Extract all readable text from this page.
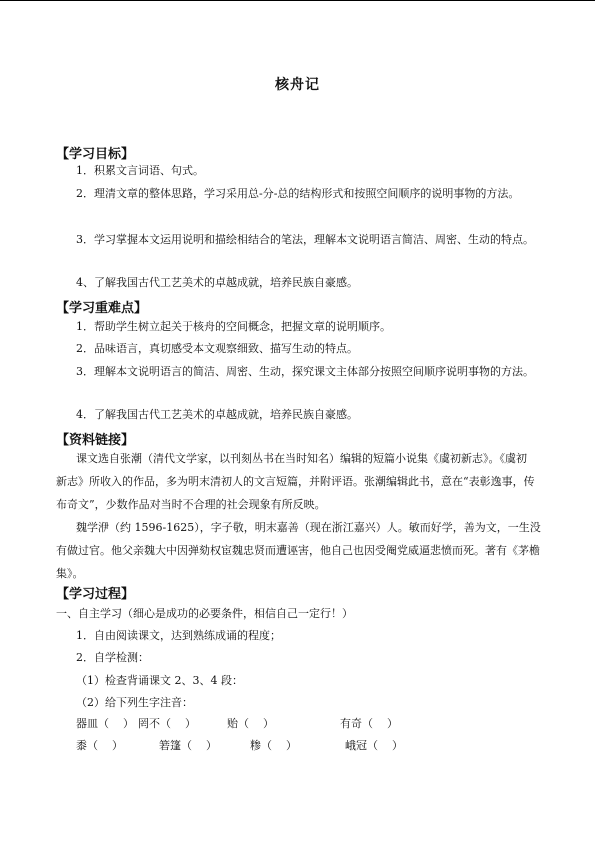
核舟记
【学习目标】
1．积累文言词语、句式。
2．理清文章的整体思路，学习采用总-分-总的结构形式和按照空间顺序的说明事物的方法。
3．学习掌握本文运用说明和描绘相结合的笔法，理解本文说明语言简洁、周密、生动的特点。
4、了解我国古代工艺美术的卓越成就，培养民族自豪感。
【学习重难点】
1．帮助学生树立起关于核舟的空间概念，把握文章的说明顺序。
2．品味语言，真切感受本文观察细致、描写生动的特点。
3．理解本文说明语言的简洁、周密、生动，探究课文主体部分按照空间顺序说明事物的方法。
4．了解我国古代工艺美术的卓越成就，培养民族自豪感。
【资料链接】
课文选自张潮（清代文学家，以刊刻丛书在当时知名）编辑的短篇小说集《虞初新志》。《虞初新志》所收入的作品，多为明末清初人的文言短篇，并附评语。张潮编辑此书，意在“表彰逸事，传布奇文”，少数作品对当时不合理的社会现象有所反映。
魏学洢（约 1596-1625），字子敬，明末嘉善（现在浙江嘉兴）人。敏而好学，善为文，一生没有做过官。他父亲魏大中因弹劾权宦魏忠贤而遭诬害，他自己也因受阉党威逼悲愤而死。著有《茅檐集》。
【学习过程】
一、自主学习（细心是成功的必要条件，相信自己一定行！）
1．自由阅读课文，达到熟练成诵的程度；
2．自学检测：
（1）检查背诵课文 2、3、4 段：
（2）给下列生字注音：
器皿（    ） 罔不（    ）	贻（    ）	有奇（    ）
黍（    ）	箬篷（    ）	糁（    ）	峨冠（    ）
